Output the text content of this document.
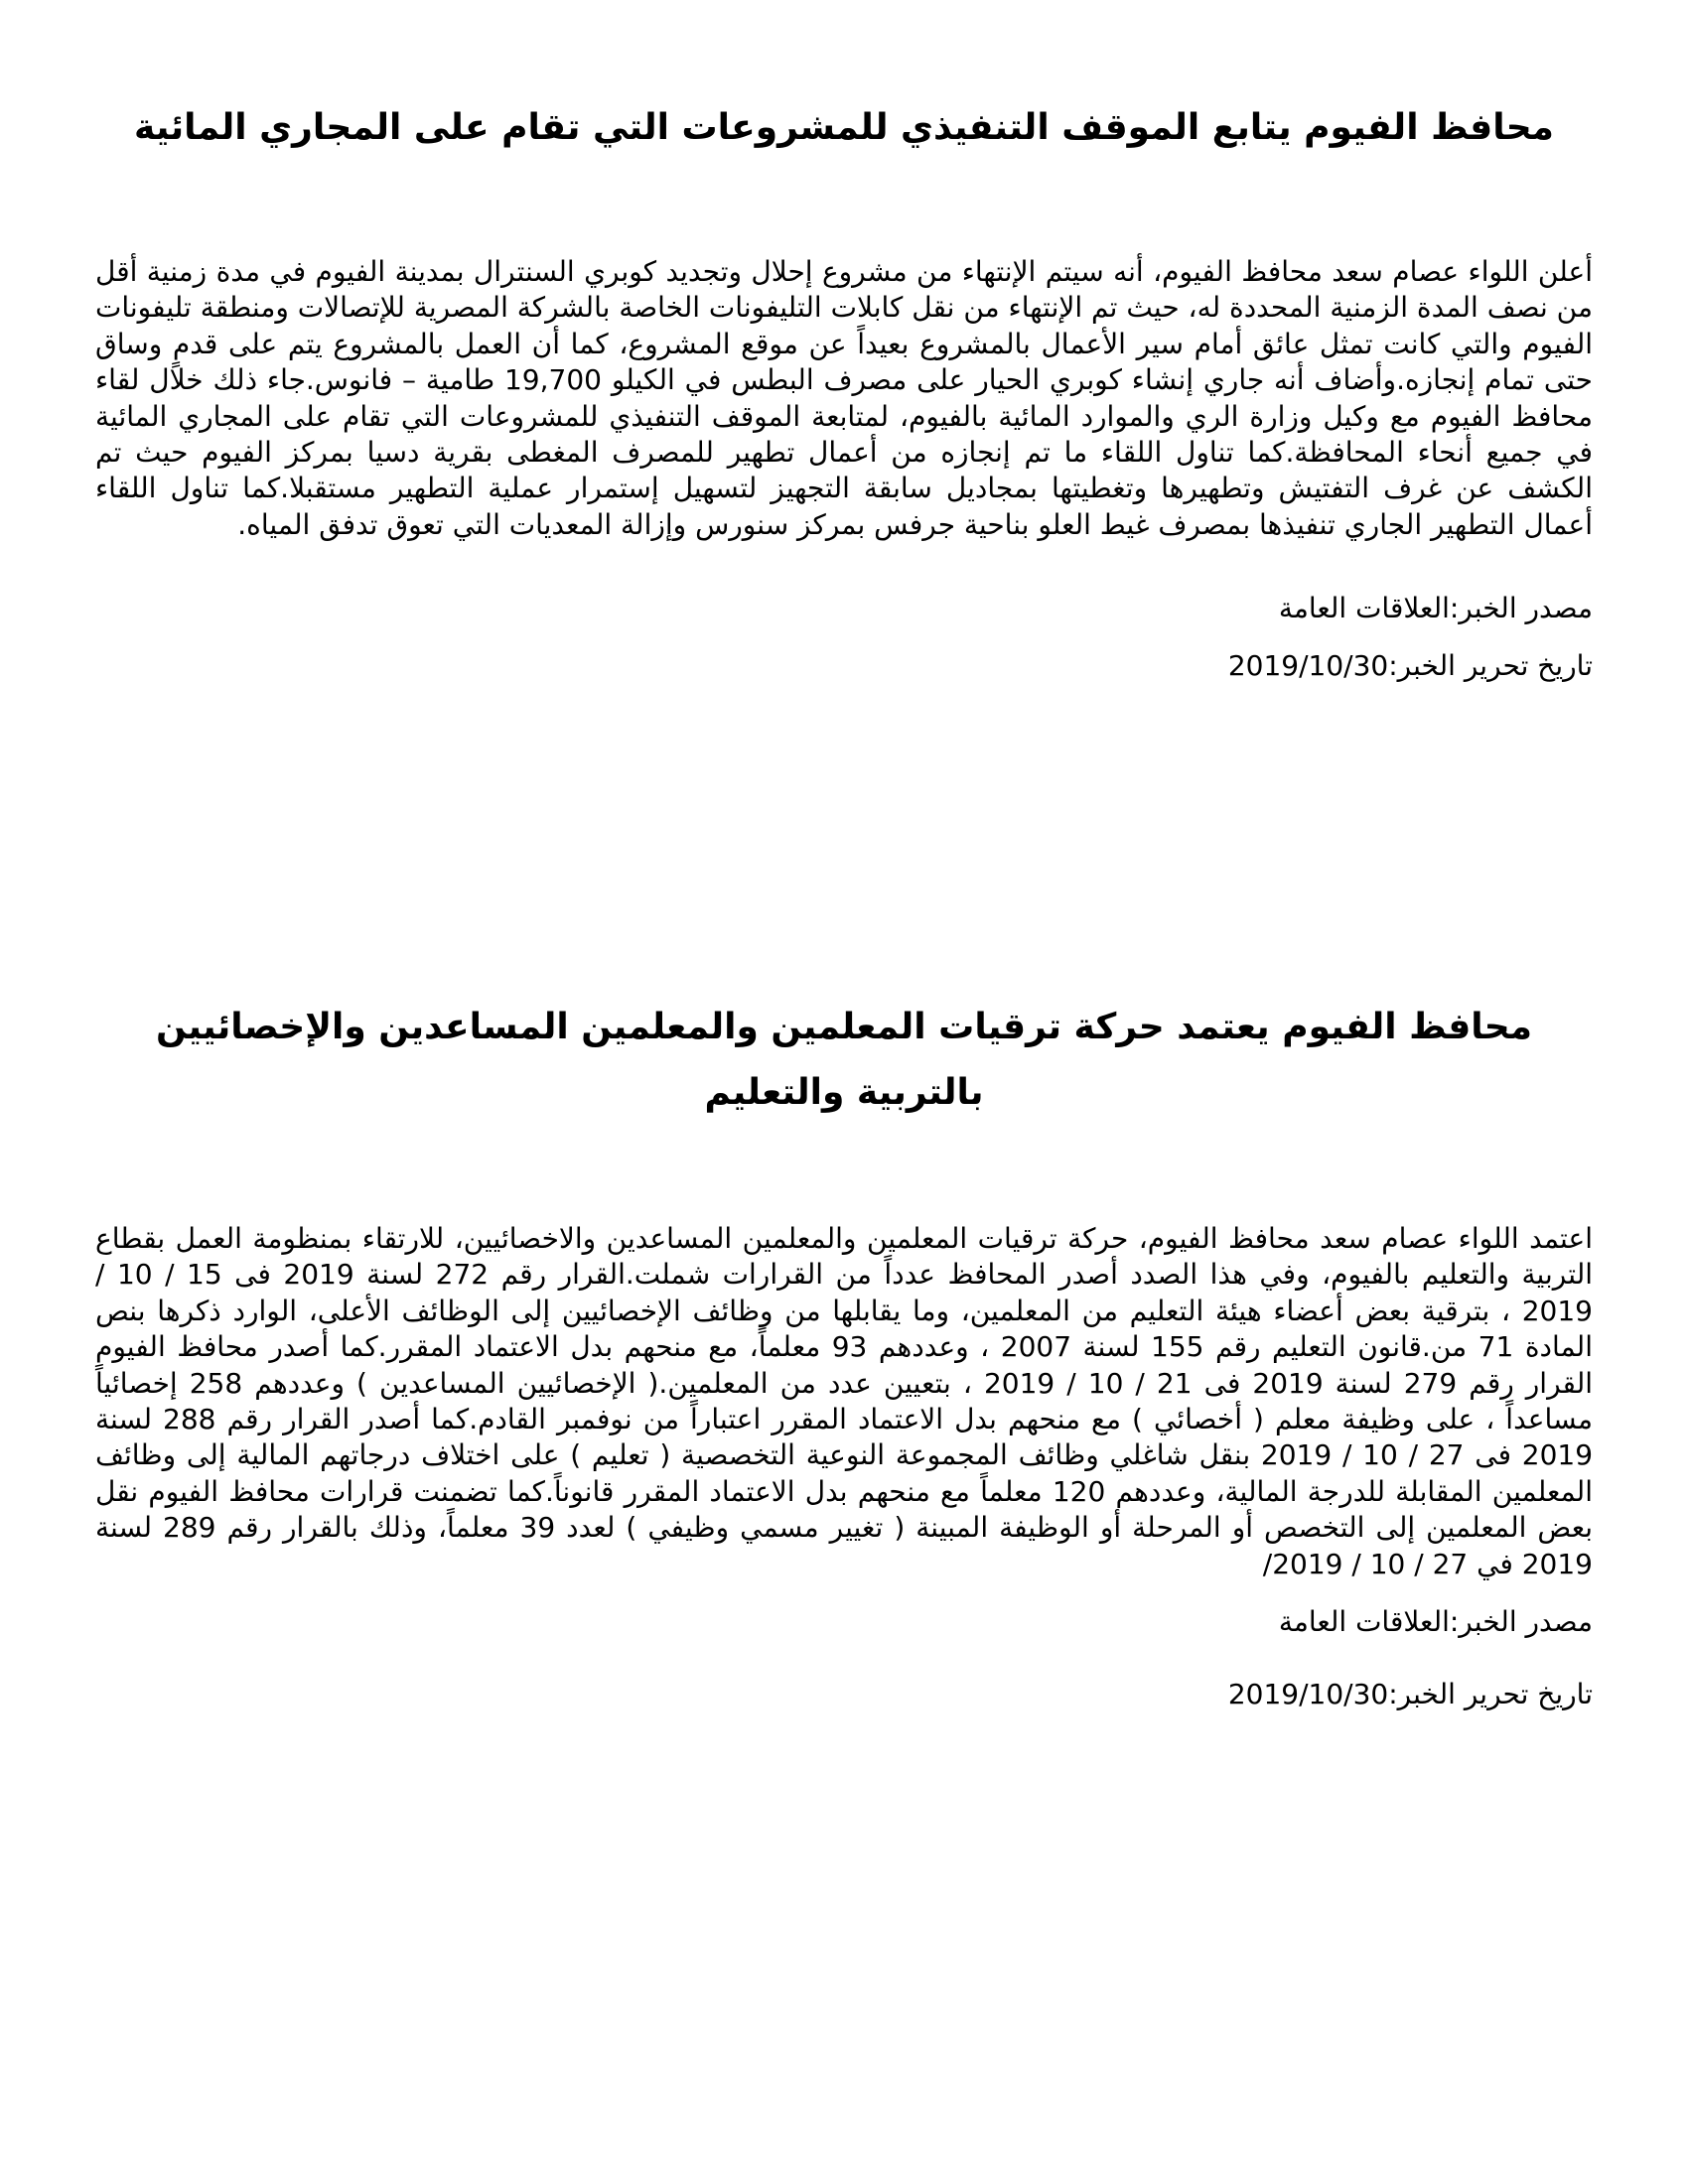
محافظ الفيوم يتابع الموقف التنفيذي للمشروعات التي تقام على المجاري المائية

أعلن اللواء عصام سعد محافظ الفيوم، أنه سيتم الإنتهاء من مشروع إحلال وتجديد كوبري السنترال بمدينة الفيوم في مدة زمنية أقل من نصف المدة الزمنية المحددة له، حيث تم الإنتهاء من نقل كابلات التليفونات الخاصة بالشركة المصرية للإتصالات ومنطقة تليفونات الفيوم والتي كانت تمثل عائق أمام سير الأعمال بالمشروع بعيداً عن موقع المشروع، كما أن العمل بالمشروع يتم على قدمٍ وساق حتى تمام إنجازه.وأضاف أنه جاري إنشاء كوبري الحيار على مصرف البطس في الكيلو 19,700 طامية – فانوس.جاء ذلك خلال لقاء محافظ الفيوم مع وكيل وزارة الري والموارد المائية بالفيوم، لمتابعة الموقف التنفيذي للمشروعات التي تقام على المجاري المائية في جميع أنحاء المحافظة.كما تناول اللقاء ما تم إنجازه من أعمال تطهير للمصرف المغطى بقرية دسيا بمركز الفيوم حيث تم الكشف عن غرف التفتيش وتطهيرها وتغطيتها بمجاديل سابقة التجهيز لتسهيل إستمرار عملية التطهير مستقبلا.كما تناول اللقاء أعمال التطهير الجاري تنفيذها بمصرف غيط العلو بناحية جرفس بمركز سنورس وإزالة المعديات التي تعوق تدفق المياه.

مصدر الخبر:العلاقات العامة

تاريخ تحرير الخبر:2019/10/30

محافظ الفيوم يعتمد حركة ترقيات المعلمين والمعلمين المساعدين والإخصائيين بالتربية والتعليم

اعتمد اللواء عصام سعد محافظ الفيوم، حركة ترقيات المعلمين والمعلمين المساعدين والاخصائيين، للارتقاء بمنظومة العمل بقطاع التربية والتعليم بالفيوم، وفي هذا الصدد أصدر المحافظ عدداً من القرارات شملت.القرار رقم 272 لسنة 2019 فى 15 / 10 / 2019 ، بترقية بعض أعضاء هيئة التعليم من المعلمين، وما يقابلها من وظائف الإخصائيين إلى الوظائف الأعلى، الوارد ذكرها بنص المادة 71 من.قانون التعليم رقم 155 لسنة 2007 ، وعددهم 93 معلماً، مع منحهم بدل الاعتماد المقرر.كما أصدر محافظ الفيوم القرار رقم 279 لسنة 2019 فى 21 / 10 / 2019 ، بتعيين عدد من المعلمين.( الإخصائيين المساعدين ) وعددهم 258 إخصائياً مساعداً ، على وظيفة معلم ( أخصائي ) مع منحهم بدل الاعتماد المقرر اعتباراً من نوفمبر القادم.كما أصدر القرار رقم 288 لسنة 2019 فى 27 / 10 / 2019 بنقل شاغلي وظائف المجموعة النوعية التخصصية ( تعليم ) على اختلاف درجاتهم المالية إلى وظائف المعلمين المقابلة للدرجة المالية، وعددهم 120 معلماً مع منحهم بدل الاعتماد المقرر قانوناً.كما تضمنت قرارات محافظ الفيوم نقل بعض المعلمين إلى التخصص أو المرحلة أو الوظيفة المبينة ( تغيير مسمي وظيفي ) لعدد 39 معلماً، وذلك بالقرار رقم 289 لسنة 2019 في 27 / 10 / 2019/

مصدر الخبر:العلاقات العامة

تاريخ تحرير الخبر:2019/10/30
